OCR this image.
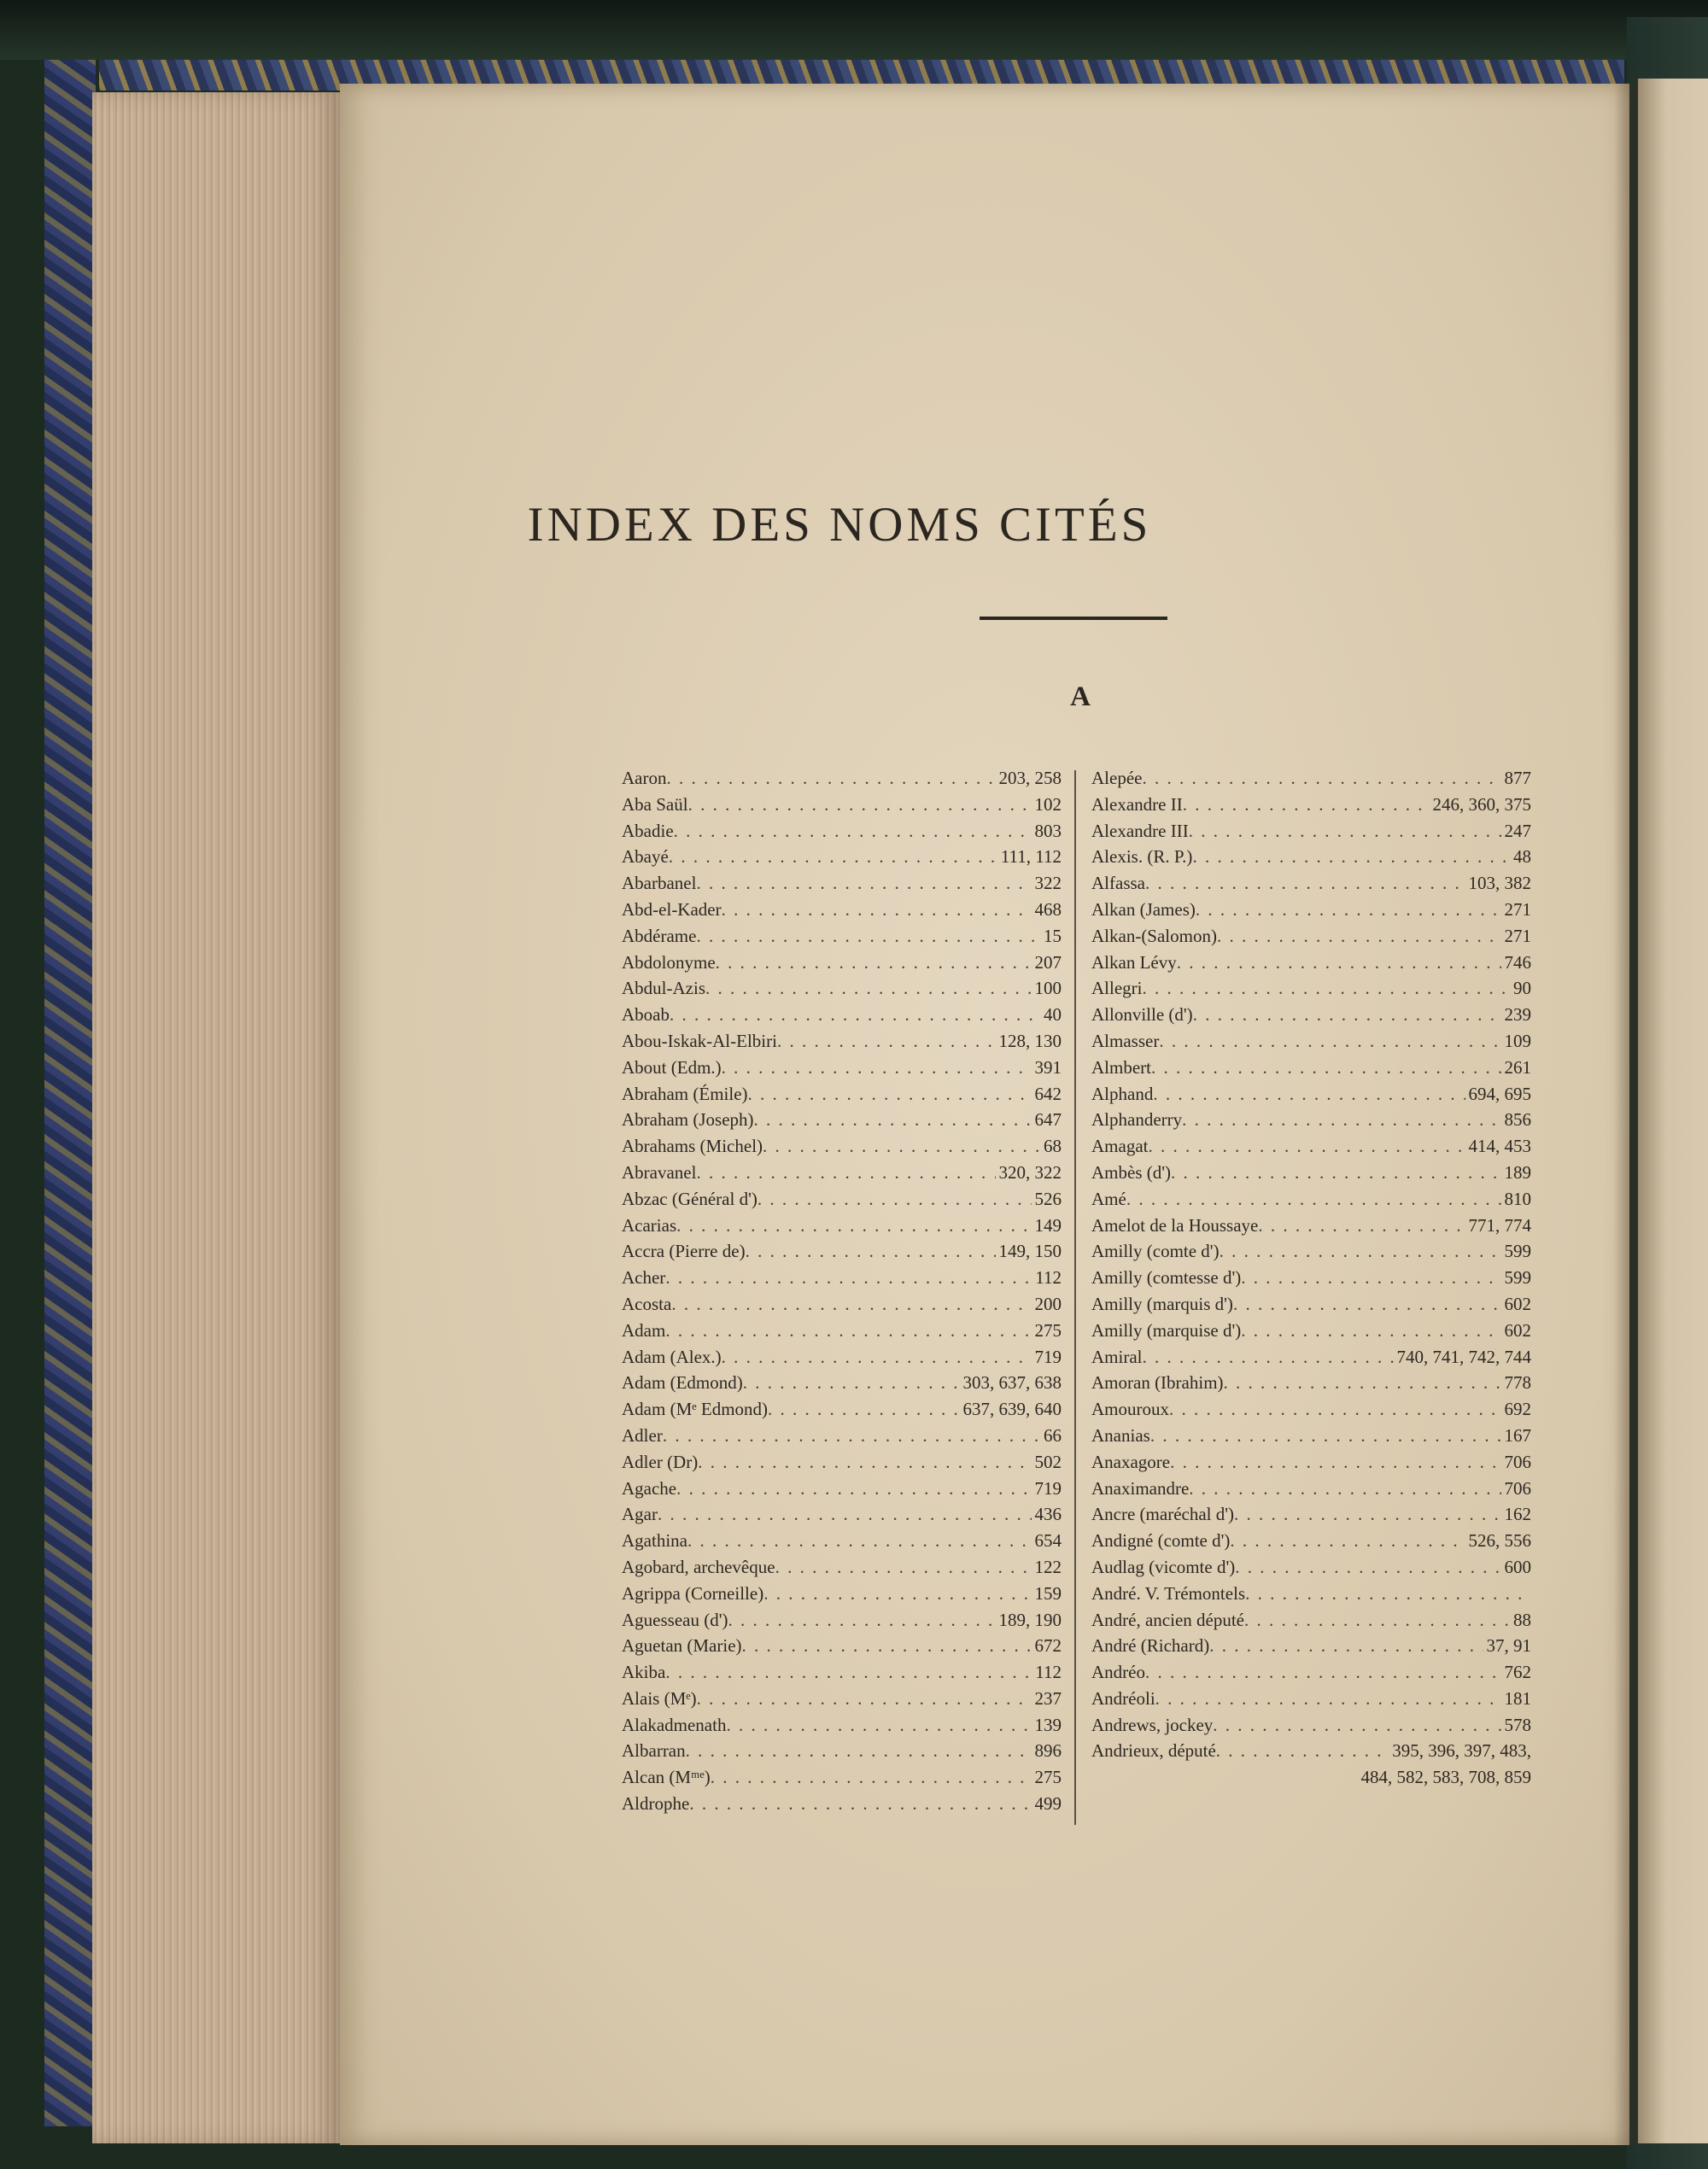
INDEX DES NOMS CITÉS
A
Aaron . . .	203, 258
Aba Saül . . .	102
Abadie . . .	803
Abayé . . .	111, 112
Abarbanel . . .	322
Abd-el-Kader . . .	468
Abdérame . . .	15
Abdolonyme . . .	207
Abdul-Azis . . .	100
Aboab . . .	40
Abou-Iskak-Al-Elbiri . . .	128, 130
About (Edm.) . . .	391
Abraham (Émile) . . .	642
Abraham (Joseph) . . .	647
Abrahams (Michel) . . .	68
Abravanel . . .	320, 322
Abzac (Général d') . . .	526
Acarias . . .	149
Accra (Pierre de) . . .	149, 150
Acher . . .	112
Acosta . . .	200
Adam . . .	275
Adam (Alex.) . . .	719
Adam (Edmond) . . .	303, 637, 638
Adam (Mᵉ Edmond) . . .	637, 639, 640
Adler . . .	66
Adler (Dr) . . .	502
Agache . . .	719
Agar . . .	436
Agathina . . .	654
Agobard, archevêque . . .	122
Agrippa (Corneille) . . .	159
Aguesseau (d') . . .	189, 190
Aguetan (Marie) . . .	672
Akiba . . .	112
Alais (Mᵉ) . . .	237
Alakadmenath . . .	139
Albarran . . .	896
Alcan (Mᵐᵉ) . . .	275
Aldrophe . . .	499
Alepée . . .	877
Alexandre II . . .	246, 360, 375
Alexandre III . . .	247
Alexis. (R. P.) . . .	48
Alfassa . . .	103, 382
Alkan (James) . . .	271
Alkan-(Salomon) . . .	271
Alkan Lévy . . .	746
Allegri . . .	90
Allonville (d') . . .	239
Almasser . . .	109
Almbert . . .	261
Alphand . . .	694, 695
Alphanderry . . .	856
Amagat . . .	414, 453
Ambès (d') . . .	189
Amé . . .	810
Amelot de la Houssaye . . .	771, 774
Amilly (comte d') . . .	599
Amilly (comtesse d') . . .	599
Amilly (marquis d') . . .	602
Amilly (marquise d') . . .	602
Amiral . . .	740, 741, 742, 744
Amoran (Ibrahim) . . .	778
Amouroux . . .	692
Ananias . . .	167
Anaxagore . . .	706
Anaximandre . . .	706
Ancre (maréchal d') . . .	162
Andigné (comte d') . . .	526, 556
Audlag (vicomte d') . . .	600
André. V. Trémontels
. . .
André, ancien député . . .	88
André (Richard) . . .	37, 91
Andréo . . .	762
Andréoli . . .	181
Andrews, jockey . . .	578
Andrieux, député . . .	395, 396, 397, 483,
484, 582, 583, 708, 859
